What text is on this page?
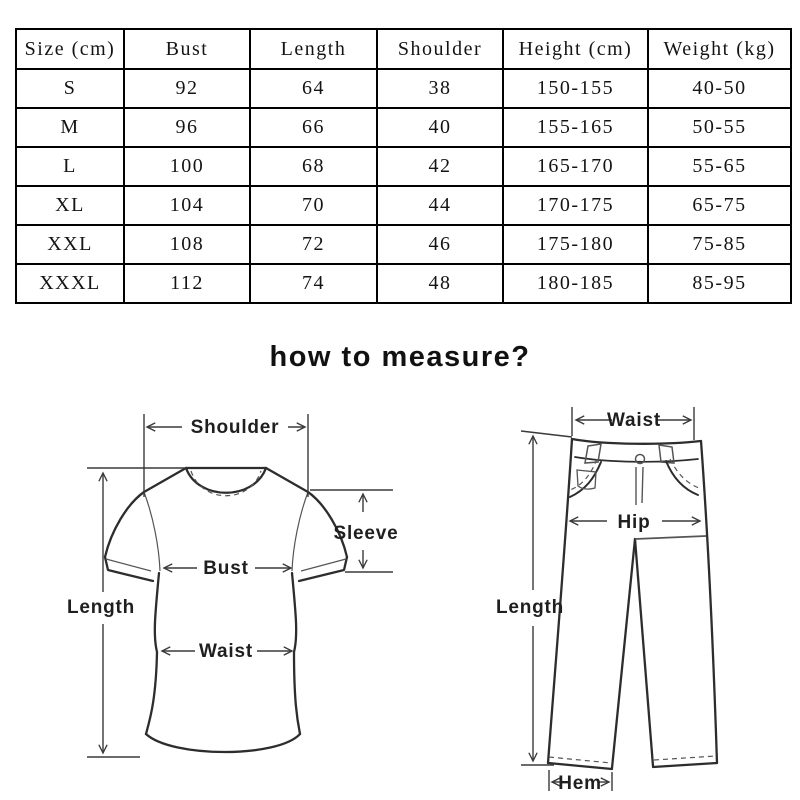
Size (cm)	Bust	Length	Shoulder	Height (cm)	Weight (kg)
S	92	64	38	150-155	40-50
M	96	66	40	155-165	50-55
L	100	68	42	165-170	55-65
XL	104	70	44	170-175	65-75
XXL	108	72	46	175-180	75-85
XXXL	112	74	48	180-185	85-95
how to measure?
Shoulder
Length
Sleeve
Bust
Waist
Waist
Length
Hip
Hem
